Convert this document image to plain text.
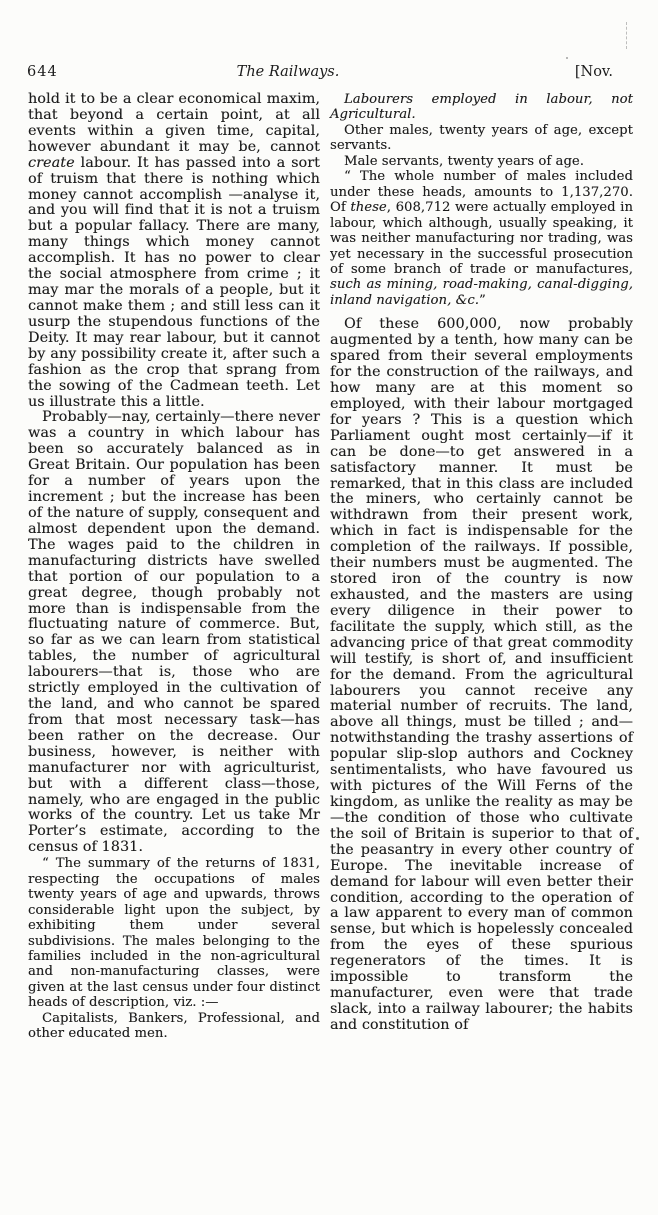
644	The Railways.	[Nov.

hold it to be a clear economical maxim, that beyond a certain point, at all events within a given time, capital, however abundant it may be, cannot create labour. It has passed into a sort of truism that there is nothing which money cannot accomplish —analyse it, and you will find that it is not a truism but a popular fallacy. There are many, many things which money cannot accomplish. It has no power to clear the social atmosphere from crime ; it may mar the morals of a people, but it cannot make them ; and still less can it usurp the stupendous functions of the Deity. It may rear labour, but it cannot by any possibility create it, after such a fashion as the crop that sprang from the sowing of the Cadmean teeth. Let us illustrate this a little.

Probably—nay, certainly—there never was a country in which labour has been so accurately balanced as in Great Britain. Our population has been for a number of years upon the increment ; but the increase has been of the nature of supply, consequent and almost dependent upon the demand. The wages paid to the children in manufacturing districts have swelled that portion of our population to a great degree, though probably not more than is indispensable from the fluctuating nature of commerce. But, so far as we can learn from statistical tables, the number of agricultural labourers—that is, those who are strictly employed in the cultivation of the land, and who cannot be spared from that most necessary task—has been rather on the decrease. Our business, however, is neither with manufacturer nor with agriculturist, but with a different class—those, namely, who are engaged in the public works of the country. Let us take Mr Porter’s estimate, according to the census of 1831.

“ The summary of the returns of 1831, respecting the occupations of males twenty years of age and upwards, throws considerable light upon the subject, by exhibiting them under several subdivisions. The males belonging to the families included in the non-agricultural and non-manufacturing classes, were given at the last census under four distinct heads of description, viz. :—

Capitalists, Bankers, Professional, and other educated men.

Labourers employed in labour, not Agricultural.

Other males, twenty years of age, except servants.

Male servants, twenty years of age.

“ The whole number of males included under these heads, amounts to 1,137,270. Of these, 608,712 were actually employed in labour, which although, usually speaking, it was neither manufacturing nor trading, was yet necessary in the successful prosecution of some branch of trade or manufactures, such as mining, road-making, canal-digging, inland navigation, &c.”

Of these 600,000, now probably augmented by a tenth, how many can be spared from their several employments for the construction of the railways, and how many are at this moment so employed, with their labour mortgaged for years ? This is a question which Parliament ought most certainly—if it can be done—to get answered in a satisfactory manner. It must be remarked, that in this class are included the miners, who certainly cannot be withdrawn from their present work, which in fact is indispensable for the completion of the railways. If possible, their numbers must be augmented. The stored iron of the country is now exhausted, and the masters are using every diligence in their power to facilitate the supply, which still, as the advancing price of that great commodity will testify, is short of, and insufficient for the demand. From the agricultural labourers you cannot receive any material number of recruits. The land, above all things, must be tilled ; and—notwithstanding the trashy assertions of popular slip-slop authors and Cockney sentimentalists, who have favoured us with pictures of the Will Ferns of the kingdom, as unlike the reality as may be—the condition of those who cultivate the soil of Britain is superior to that of the peasantry in every other country of Europe. The inevitable increase of demand for labour will even better their condition, according to the operation of a law apparent to every man of common sense, but which is hopelessly concealed from the eyes of these spurious regenerators of the times. It is impossible to transform the manufacturer, even were that trade slack, into a railway labourer; the habits and constitution of
